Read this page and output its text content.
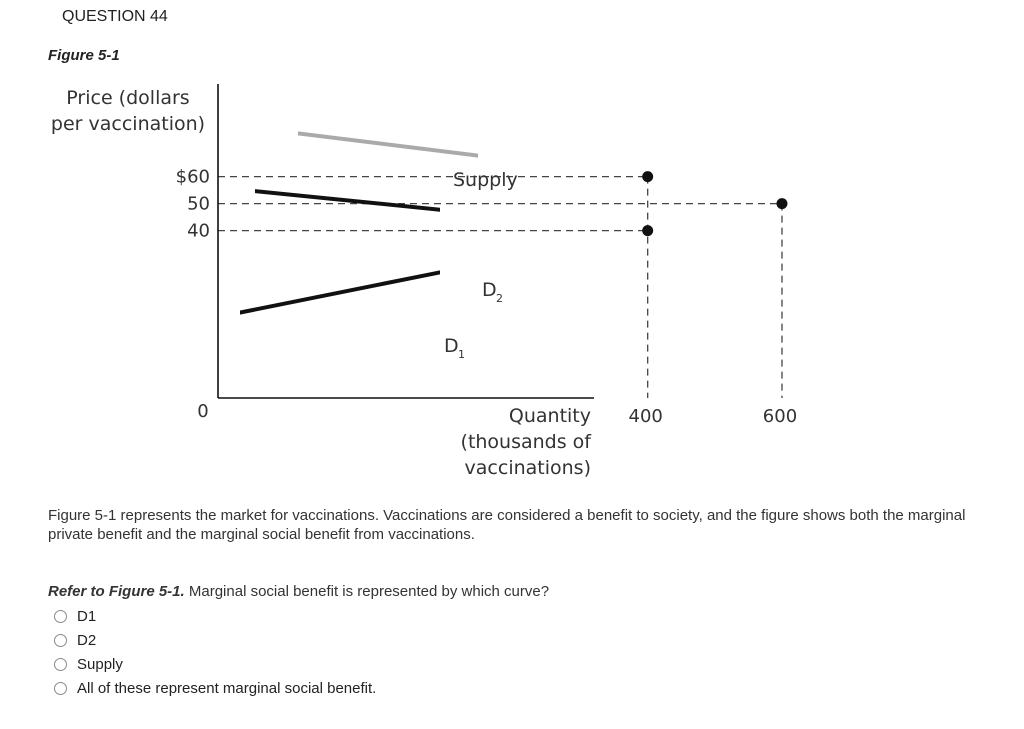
QUESTION 44
Figure 5-1
$60
50
40
0	400	600
Price (dollars
per vaccination)
Quantity
(thousands of
vaccinations)
Supply
D 1
D 2
Figure 5-1 represents the market for vaccinations. Vaccinations are considered a benefit to society, and the figure shows both the marginal private benefit and the marginal social benefit from vaccinations.
Refer to Figure 5-1. Marginal social benefit is represented by which curve?
D1
D2
Supply
All of these represent marginal social benefit.
